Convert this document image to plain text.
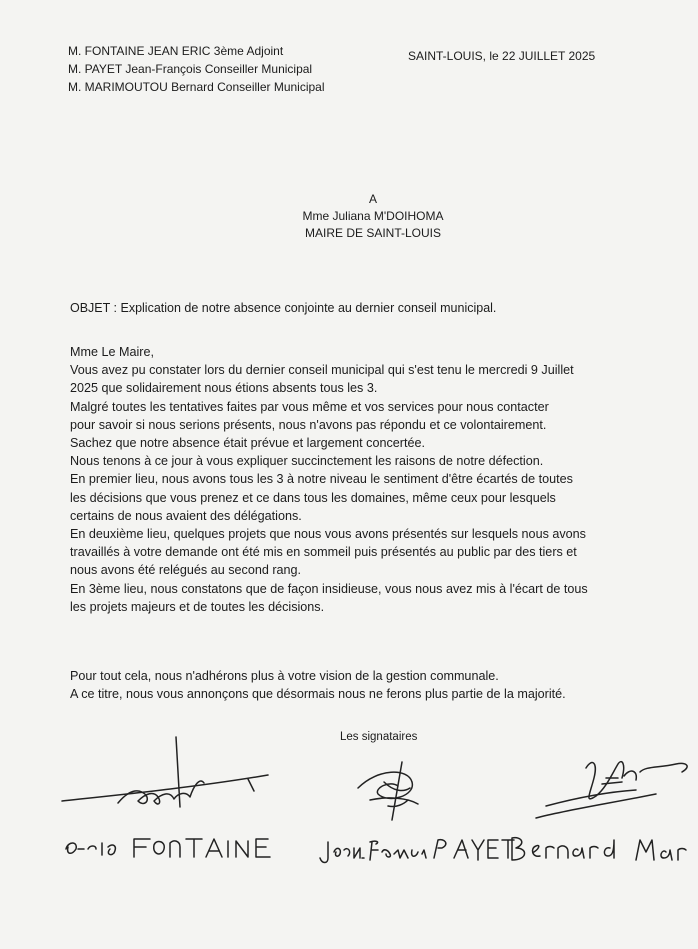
M. FONTAINE JEAN ERIC 3ème Adjoint
M. PAYET Jean-François Conseiller Municipal
M. MARIMOUTOU Bernard Conseiller Municipal
SAINT-LOUIS, le 22 JUILLET 2025
A
Mme Juliana M'DOIHOMA
MAIRE DE SAINT-LOUIS
OBJET : Explication de notre absence conjointe au dernier conseil municipal.

Mme Le Maire,

Vous avez pu constater lors du dernier conseil municipal qui s'est tenu le mercredi 9 Juillet

2025 que solidairement nous étions absents tous les 3.

Malgré toutes les tentatives faites par vous même et vos services pour nous contacter

pour savoir si nous serions présents, nous n'avons pas répondu et ce volontairement.

Sachez que notre absence était prévue et largement concertée.

Nous tenons à ce jour à vous expliquer succinctement les raisons de notre défection.

En premier lieu, nous avons tous les 3 à notre niveau le sentiment d'être écartés de toutes

les décisions que vous prenez et ce dans tous les domaines, même ceux pour lesquels

certains de nous avaient des délégations.

En deuxième lieu, quelques projets que nous vous avons présentés sur lesquels nous avons

travaillés à votre demande ont été mis en sommeil puis présentés au public par des tiers et

nous avons été relégués au second rang.

En 3ème lieu, nous constatons que de façon insidieuse, vous nous avez mis à l'écart de tous

les projets majeurs et de toutes les décisions.

Pour tout cela, nous n'adhérons plus à votre vision de la gestion communale.

A ce titre, nous vous annonçons que désormais nous ne ferons plus partie de la majorité.

Les signataires
